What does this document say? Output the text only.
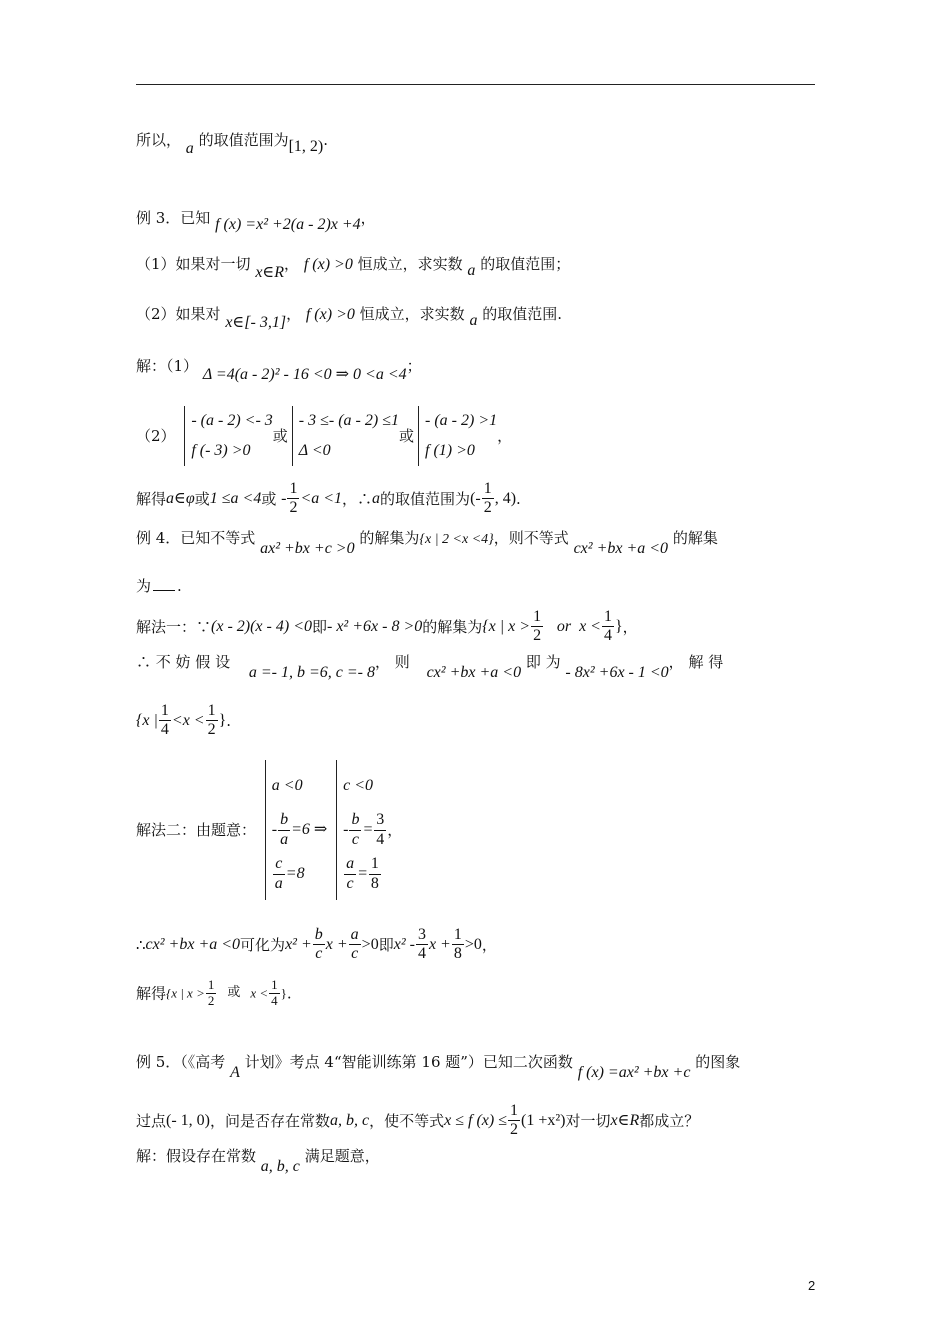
所以， a 的取值范围为[1, 2).
例 3．已知 f (x) =x² +2(a - 2)x +4，
（1）如果对一切 x∈R， f (x) >0 恒成立，求实数 a 的取值范围；
（2）如果对 x∈[- 3,1]， f (x) >0 恒成立，求实数 a 的取值范围.
解：（1） Δ =4(a - 2)² - 16 <0 ⇒ 0 <a <4；
（2）
- (a - 2) <- 3
f (- 3) >0
或
- 3 ≤- (a - 2) ≤1
Δ <0
或
- (a - 2) >1
f (1) >0
，
解得a∈φ或1 ≤a <4或 - $\frac{1}{2} <a <1$，∴a的取值范围为(- $\frac{1}{2}$ , 4).
例 4．已知不等式 ax² +bx +c >0 的解集为{x | 2 <x <4}，则不等式 cx² +bx +a <0 的解集
为 .
解法一：∵(x - 2)(x - 4) <0即- x² +6x - 8 >0的解集为{x | $x > \frac{1}{2}$ or $x < \frac{1}{4}$ }，
∴ 不 妨 假 设 a =- 1, b =6, c =- 8， 则 cx² +bx +a <0 即 为 - 8x² +6x - 1 <0， 解 得
{x | $\frac{1}{4} <x < \frac{1}{2}$ }.
解法二：由题意：
a <0
- $\frac{b}{a} =6$ ⇒
$\frac{c}{a} =8$

c <0
- $\frac{b}{c} = \frac{3}{4}$
$\frac{a}{c} = \frac{1}{8}$
，
∴cx² +bx +a <0可化为$x^2 + \frac{b}{c}$ $x + \frac{a}{c} >0$即$x^2 - \frac{3}{4}$ $x + \frac{1}{8} >0$，
解得{x | $x > \frac{1}{2}$ 或 $x < \frac{1}{4}$ }.
例 5．（《高考 A 计划》考点 4“智能训练第 16 题”）已知二次函数 f (x) =ax² +bx +c 的图象
过点(- 1, 0)，问是否存在常数a, b, c，使不等式x ≤ f $(x) \le \frac{1}{2} (1 +x^2)$对一切x∈R都成立？
解：假设存在常数 a, b, c 满足题意，
2
